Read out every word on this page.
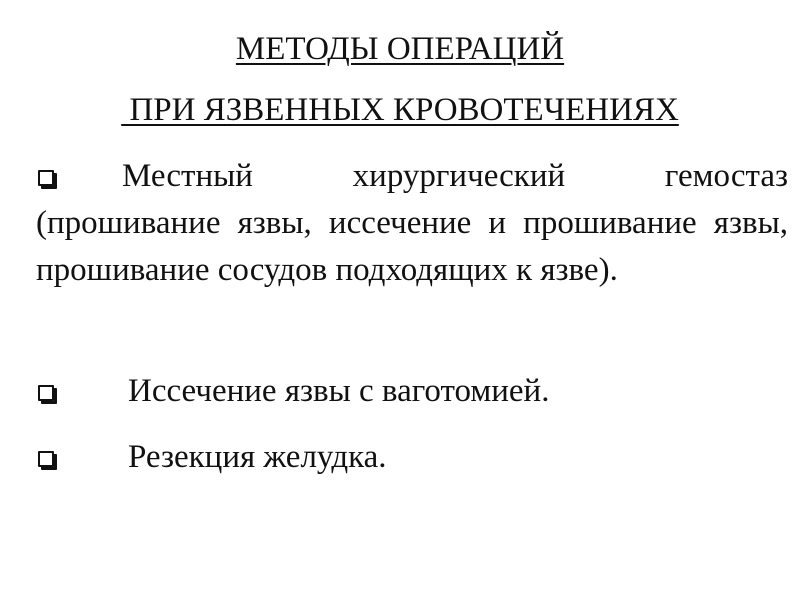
МЕТОДЫ ОПЕРАЦИЙ
ПРИ ЯЗВЕННЫХ КРОВОТЕЧЕНИЯХ
Местный хирургический гемостаз (прошивание язвы, иссечение и прошивание язвы, прошивание сосудов подходящих к язве).
Иссечение язвы с ваготомией.
Резекция желудка.
